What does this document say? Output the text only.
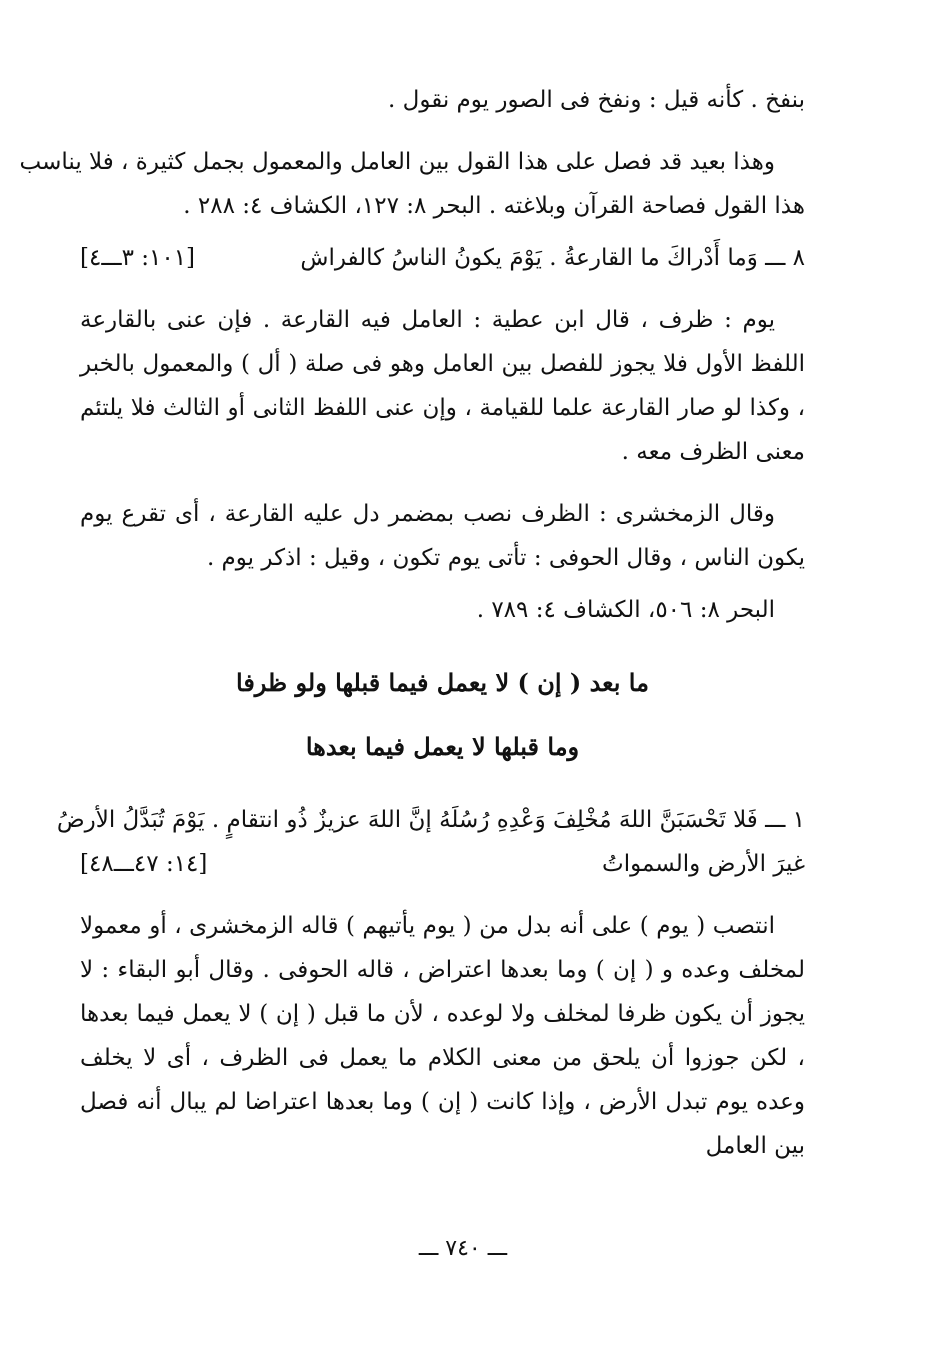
بنفخ . كأنه قيل : ونفخ فى الصور يوم نقول .
وهذا بعيد قد فصل على هذا القول بين العامل والمعمول بجمل كثيرة ، فلا يناسب
هذا القول فصاحة القرآن وبلاغته . البحر ٨: ١٢٧، الكشاف ٤: ٢٨٨ .
٨ ـــ وَما أَدْراكَ ما القارعةُ . يَوْمَ يكونُ الناسُ كالفراش
[١٠١: ٣ـــ٤]
يوم : ظرف ، قال ابن عطية : العامل فيه القارعة . فإن عنى بالقارعة اللفظ الأول فلا يجوز للفصل بين العامل وهو فى صلة ( أل ) والمعمول بالخبر ، وكذا لو صار القارعة علما للقيامة ، وإن عنى اللفظ الثانى أو الثالث فلا يلتئم معنى الظرف معه .
وقال الزمخشرى : الظرف نصب بمضمر دل عليه القارعة ، أى تقرع يوم يكون الناس ، وقال الحوفى : تأتى يوم تكون ، وقيل : اذكر يوم .
البحر ٨: ٥٠٦، الكشاف ٤: ٧٨٩ .
ما بعد ( إن ) لا يعمل فيما قبلها ولو ظرفا
وما قبلها لا يعمل فيما بعدها
١ ـــ فَلا تَحْسَبَنَّ اللهَ مُخْلِفَ وَعْدِهِ رُسُلَهُ إنَّ اللهَ عزيزٌ ذُو انتقامٍ . يَوْمَ تُبَدَّلُ الأرضُ
غيرَ الأرض والسمواتُ
[١٤: ٤٧ـــ٤٨]
انتصب ( يوم ) على أنه بدل من ( يوم يأتيهم ) قاله الزمخشرى ، أو معمولا لمخلف وعده و ( إن ) وما بعدها اعتراض ، قاله الحوفى . وقال أبو البقاء : لا يجوز أن يكون ظرفا لمخلف ولا لوعده ، لأن ما قبل ( إن ) لا يعمل فيما بعدها ، لكن جوزوا أن يلحق من معنى الكلام ما يعمل فى الظرف ، أى لا يخلف وعده يوم تبدل الأرض ، وإذا كانت ( إن ) وما بعدها اعتراضا لم يبال أنه فصل بين العامل
ـــ ٧٤٠ ـــ
